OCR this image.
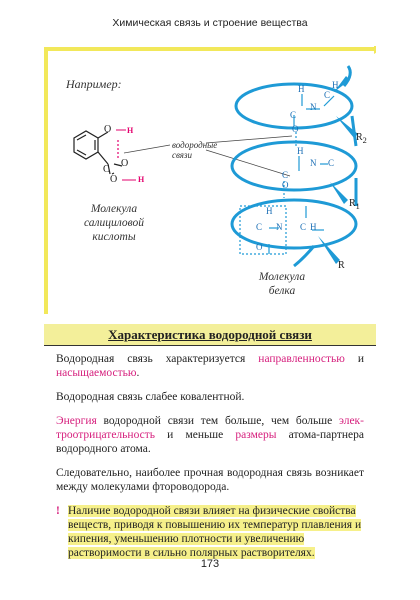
Химическая связь и строение вещества
Например:
водородные
связи
Молекула
салициловой
кислоты
Молекула
белка
O H
C
O
O	H
H
N
C
H
C
O
H
N C
C
O
H
N
C
O
C H
$R_2$
$R_1$
R
Характеристика водородной связи

Водородная связь характеризуется направленностью и насыщаемостью.

Водородная связь слабее ковалентной.

Энергия водородной связи тем больше, чем больше электроотрицательность и меньше размеры атома-партнера водородного атома.

Следовательно, наиболее прочная водородная связь возникает между молекулами фтороводорода.

! Наличие водородной связи влияет на физические свойства веществ, приводя к повышению их температур плавления и кипения, уменьшению плотности и увеличению растворимости в сильно полярных растворителях.
173
